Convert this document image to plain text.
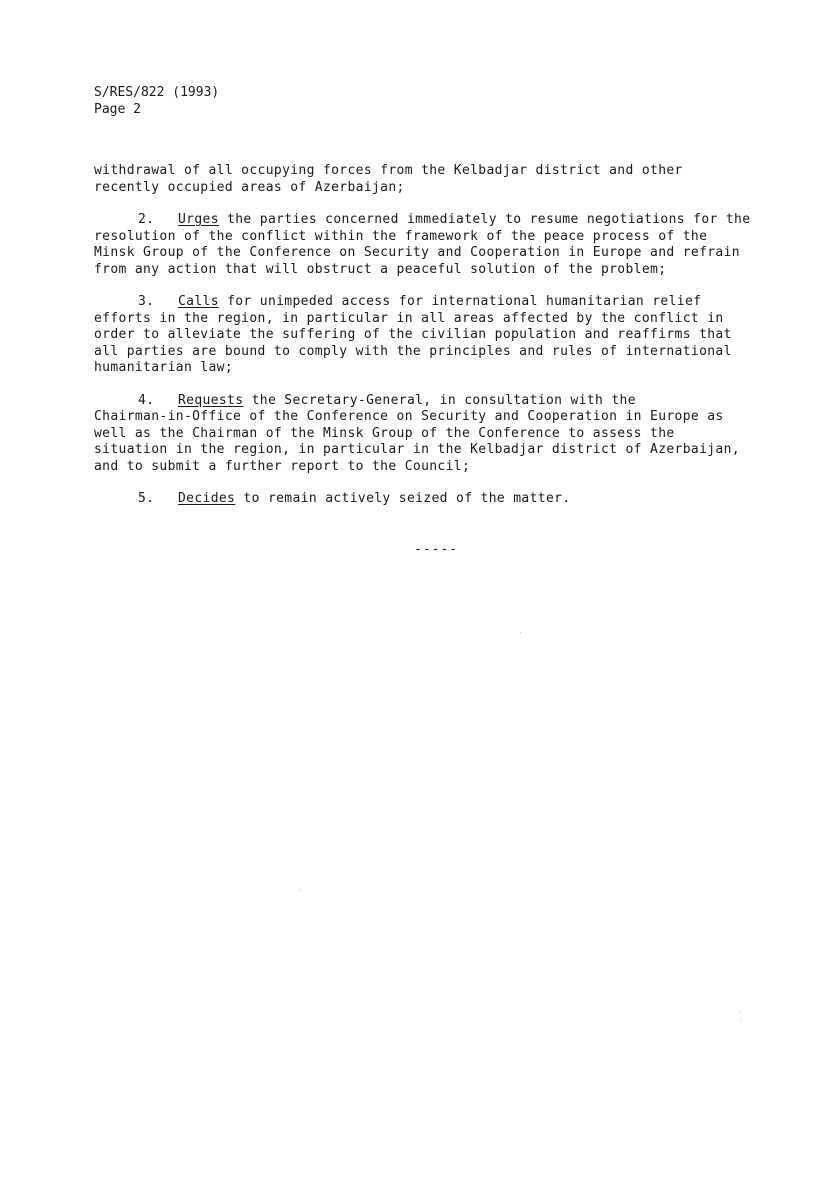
S/RES/822 (1993)
Page 2
withdrawal of all occupying forces from the Kelbadjar district and other
recently occupied areas of Azerbaijan;
2. Urges the parties concerned immediately to resume negotiations for the
resolution of the conflict within the framework of the peace process of the
Minsk Group of the Conference on Security and Cooperation in Europe and refrain
from any action that will obstruct a peaceful solution of the problem;
3. Calls for unimpeded access for international humanitarian relief
efforts in the region, in particular in all areas affected by the conflict in
order to alleviate the suffering of the civilian population and reaffirms that
all parties are bound to comply with the principles and rules of international
humanitarian law;
4. Requests the Secretary-General, in consultation with the
Chairman-in-Office of the Conference on Security and Cooperation in Europe as
well as the Chairman of the Minsk Group of the Conference to assess the
situation in the region, in particular in the Kelbadjar district of Azerbaijan,
and to submit a further report to the Council;
5. Decides to remain actively seized of the matter.
-----
